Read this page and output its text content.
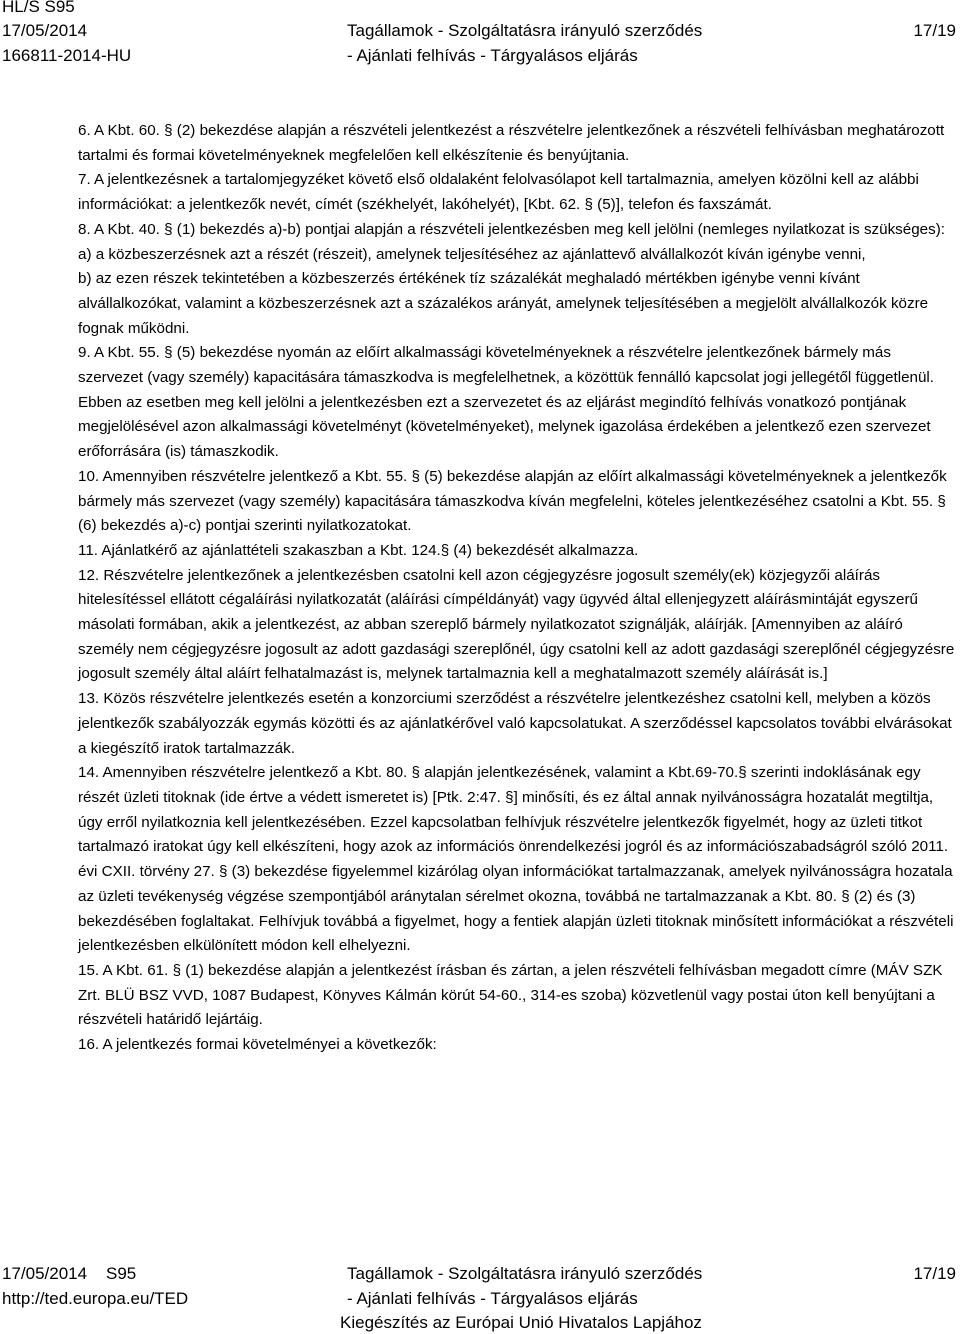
HL/S S95
17/05/2014
166811-2014-HU
Tagállamok - Szolgáltatásra irányuló szerződés
- Ajánlati felhívás - Tárgyalásos eljárás
17/19

6. A Kbt. 60. § (2) bekezdése alapján a részvételi jelentkezést a részvételre jelentkezőnek a részvételi felhívásban meghatározott tartalmi és formai követelményeknek megfelelően kell elkészítenie és benyújtania.

7. A jelentkezésnek a tartalomjegyzéket követő első oldalaként felolvasólapot kell tartalmaznia, amelyen közölni kell az alábbi információkat: a jelentkezők nevét, címét (székhelyét, lakóhelyét), [Kbt. 62. § (5)], telefon és faxszámát.

8. A Kbt. 40. § (1) bekezdés a)-b) pontjai alapján a részvételi jelentkezésben meg kell jelölni (nemleges nyilatkozat is szükséges):

a) a közbeszerzésnek azt a részét (részeit), amelynek teljesítéséhez az ajánlattevő alvállalkozót kíván igénybe venni,

b) az ezen részek tekintetében a közbeszerzés értékének tíz százalékát meghaladó mértékben igénybe venni kívánt alvállalkozókat, valamint a közbeszerzésnek azt a százalékos arányát, amelynek teljesítésében a megjelölt alvállalkozók közre fognak működni.

9. A Kbt. 55. § (5) bekezdése nyomán az előírt alkalmassági követelményeknek a részvételre jelentkezőnek bármely más szervezet (vagy személy) kapacitására támaszkodva is megfelelhetnek, a közöttük fennálló kapcsolat jogi jellegétől függetlenül. Ebben az esetben meg kell jelölni a jelentkezésben ezt a szervezetet és az eljárást megindító felhívás vonatkozó pontjának megjelölésével azon alkalmassági követelményt (követelményeket), melynek igazolása érdekében a jelentkező ezen szervezet erőforrására (is) támaszkodik.

10. Amennyiben részvételre jelentkező a Kbt. 55. § (5) bekezdése alapján az előírt alkalmassági követelményeknek a jelentkezők bármely más szervezet (vagy személy) kapacitására támaszkodva kíván megfelelni, köteles jelentkezéséhez csatolni a Kbt. 55. § (6) bekezdés a)-c) pontjai szerinti nyilatkozatokat.

11. Ajánlatkérő az ajánlattételi szakaszban a Kbt. 124.§ (4) bekezdését alkalmazza.

12. Részvételre jelentkezőnek a jelentkezésben csatolni kell azon cégjegyzésre jogosult személy(ek) közjegyzői aláírás hitelesítéssel ellátott cégaláírási nyilatkozatát (aláírási címpéldányát) vagy ügyvéd által ellenjegyzett aláírásmintáját egyszerű másolati formában, akik a jelentkezést, az abban szereplő bármely nyilatkozatot szignálják, aláírják. [Amennyiben az aláíró személy nem cégjegyzésre jogosult az adott gazdasági szereplőnél, úgy csatolni kell az adott gazdasági szereplőnél cégjegyzésre jogosult személy által aláírt felhatalmazást is, melynek tartalmaznia kell a meghatalmazott személy aláírását is.]

13. Közös részvételre jelentkezés esetén a konzorciumi szerződést a részvételre jelentkezéshez csatolni kell, melyben a közös jelentkezők szabályozzák egymás közötti és az ajánlatkérővel való kapcsolatukat. A szerződéssel kapcsolatos további elvárásokat a kiegészítő iratok tartalmazzák.

14. Amennyiben részvételre jelentkező a Kbt. 80. § alapján jelentkezésének, valamint a Kbt.69-70.§ szerinti indoklásának egy részét üzleti titoknak (ide értve a védett ismeretet is) [Ptk. 2:47. §] minősíti, és ez által annak nyilvánosságra hozatalát megtiltja, úgy erről nyilatkoznia kell jelentkezésében. Ezzel kapcsolatban felhívjuk részvételre jelentkezők figyelmét, hogy az üzleti titkot tartalmazó iratokat úgy kell elkészíteni, hogy azok az információs önrendelkezési jogról és az információszabadságról szóló 2011. évi CXII. törvény 27. § (3) bekezdése figyelemmel kizárólag olyan információkat tartalmazzanak, amelyek nyilvánosságra hozatala az üzleti tevékenység végzése szempontjából aránytalan sérelmet okozna, továbbá ne tartalmazzanak a Kbt. 80. § (2) és (3) bekezdésében foglaltakat. Felhívjuk továbbá a figyelmet, hogy a fentiek alapján üzleti titoknak minősített információkat a részvételi jelentkezésben elkülönített módon kell elhelyezni.

15. A Kbt. 61. § (1) bekezdése alapján a jelentkezést írásban és zártan, a jelen részvételi felhívásban megadott címre (MÁV SZK Zrt. BLÜ BSZ VVD, 1087 Budapest, Könyves Kálmán körút 54-60., 314-es szoba) közvetlenül vagy postai úton kell benyújtani a részvételi határidő lejártáig.

16. A jelentkezés formai követelményei a következők:

17/05/2014    S95
http://ted.europa.eu/TED
Tagállamok - Szolgáltatásra irányuló szerződés
- Ajánlati felhívás - Tárgyalásos eljárás
Kiegészítés az Európai Unió Hivatalos Lapjához
17/19
